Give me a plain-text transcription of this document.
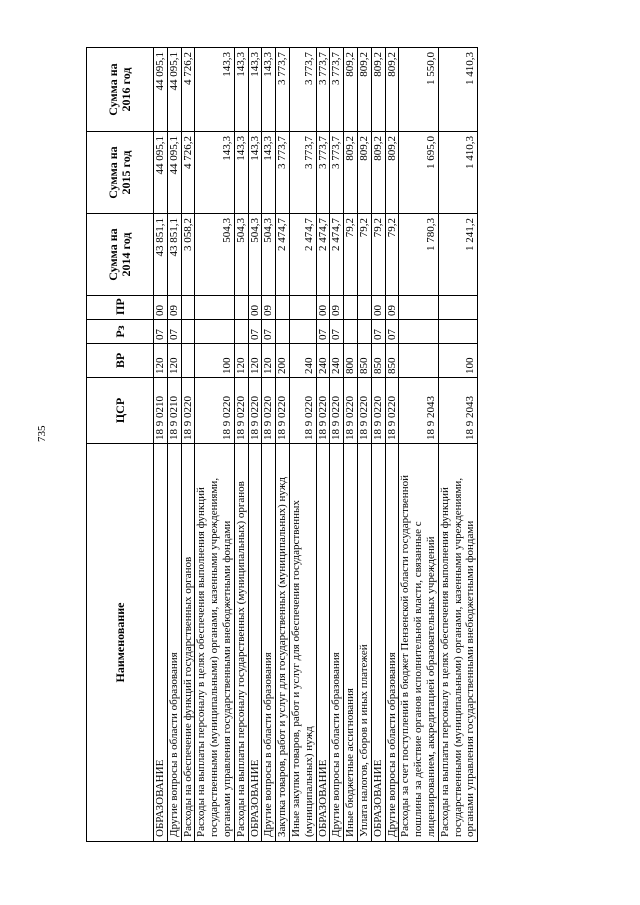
735
Наименование	ЦСР	ВР	Рз	ПР	Сумма на 2014 год	Сумма на 2015 год	Сумма на 2016 год
ОБРАЗОВАНИЕ	18 9 0210	120	07	00	43 851,1	44 095,1	44 095,1
Другие вопросы в области образования	18 9 0210	120	07	09	43 851,1	44 095,1	44 095,1
Расходы на обеспечение функций государственных органов	18 9 0220				3 058,2	4 726,2	4 726,2
Расходы на выплаты персоналу в целях обеспечения выполнения функций государственными (муниципальными) органами, казенными учреждениями, органами управления государственными внебюджетными фондами	18 9 0220	100			504,3	143,3	143,3
Расходы на выплаты персоналу государственных (муниципальных) органов	18 9 0220	120			504,3	143,3	143,3
ОБРАЗОВАНИЕ	18 9 0220	120	07	00	504,3	143,3	143,3
Другие вопросы в области образования	18 9 0220	120	07	09	504,3	143,3	143,3
Закупка товаров, работ и услуг для государственных (муниципальных) нужд	18 9 0220	200			2 474,7	3 773,7	3 773,7
Иные закупки товаров, работ и услуг для обеспечения государственных (муниципальных) нужд	18 9 0220	240			2 474,7	3 773,7	3 773,7
ОБРАЗОВАНИЕ	18 9 0220	240	07	00	2 474,7	3 773,7	3 773,7
Другие вопросы в области образования	18 9 0220	240	07	09	2 474,7	3 773,7	3 773,7
Иные бюджетные ассигнования	18 9 0220	800			79,2	809,2	809,2
Уплата налогов, сборов и иных платежей	18 9 0220	850			79,2	809,2	809,2
ОБРАЗОВАНИЕ	18 9 0220	850	07	00	79,2	809,2	809,2
Другие вопросы в области образования	18 9 0220	850	07	09	79,2	809,2	809,2
Расходы за счет поступлений в бюджет Пензенской области государственной пошлины за действие органов исполнительной власти, связанные с лицензированием, аккредитацией образовательных учреждений	18 9 2043				1 780,3	1 695,0	1 550,0
Расходы на выплаты персоналу в целях обеспечения выполнения функций государственными (муниципальными) органами, казенными учреждениями, органами управления государственными внебюджетными фондами	18 9 2043	100			1 241,2	1 410,3	1 410,3
